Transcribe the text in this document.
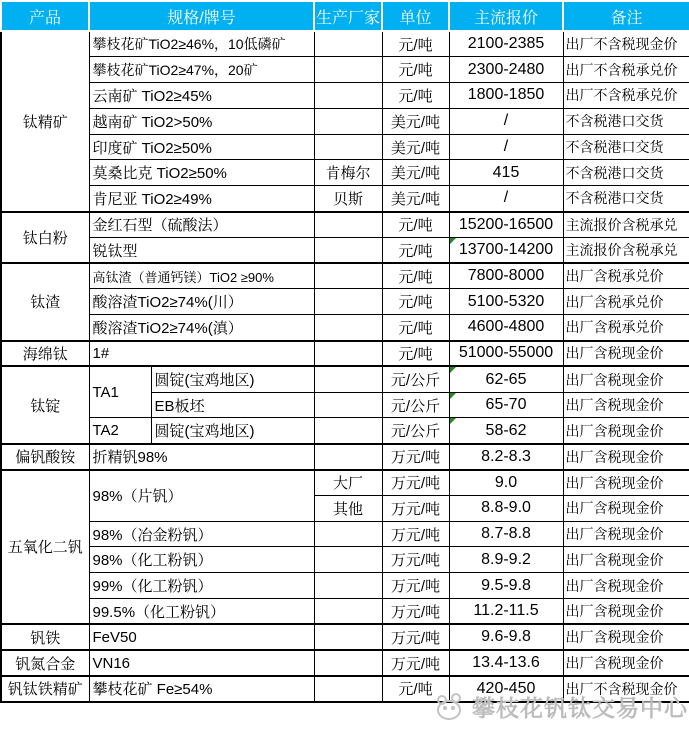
产品	规格/牌号		生产厂家	单位	主流报价	备注
钛精矿	攀枝花矿TiO2≥46%，10低磷矿			元/吨	2100-2385	出厂不含税现金价
	攀枝花矿TiO2≥47%，20矿			元/吨	2300-2480	出厂不含税承兑价
	云南矿 TiO2≥45%			元/吨	1800-1850	出厂不含税承兑价
	越南矿 TiO2>50%			美元/吨	/	不含税港口交货
	印度矿 TiO2≥50%			美元/吨	/	不含税港口交货
	莫桑比克 TiO2≥50%		肯梅尔	美元/吨	415	不含税港口交货
	肯尼亚 TiO2≥49%		贝斯	美元/吨	/	不含税港口交货
钛白粉	金红石型（硫酸法）			元/吨	15200-16500	主流报价含税承兑
	锐钛型			元/吨	13700-14200	主流报价含税承兑
钛渣	高钛渣（普通钙镁）TiO2 ≥90%			元/吨	7800-8000	出厂含税承兑价
	酸溶渣TiO2≥74%(川）			元/吨	5100-5320	出厂含税承兑价
	酸溶渣TiO2≥74%(滇）			元/吨	4600-4800	出厂含税承兑价
海绵钛	1#			元/吨	51000-55000	出厂含税现金价
钛锭	TA1	圆锭(宝鸡地区)		元/公斤	62-65	出厂含税现金价
		EB板坯		元/公斤	65-70	出厂含税现金价
	TA2	圆锭(宝鸡地区)		元/公斤	58-62	出厂含税现金价
偏钒酸铵	折精钒98%			万元/吨	8.2-8.3	出厂含税现金价
五氧化二钒	98%（片钒）		大厂	万元/吨	9.0	出厂含税现金价
			其他	万元/吨	8.8-9.0	出厂含税现金价
	98%（冶金粉钒）			万元/吨	8.7-8.8	出厂含税现金价
	98%（化工粉钒）			万元/吨	8.9-9.2	出厂含税现金价
	99%（化工粉钒）			万元/吨	9.5-9.8	出厂含税现金价
	99.5%（化工粉钒）			万元/吨	11.2-11.5	出厂含税现金价
钒铁	FeV50			万元/吨	9.6-9.8	出厂含税现金价
钒氮合金	VN16			万元/吨	13.4-13.6	出厂含税现金价
钒钛铁精矿	攀枝花矿 Fe≥54%			元/吨	420-450	出厂不含税现金价
攀枝花钒钛交易中心
